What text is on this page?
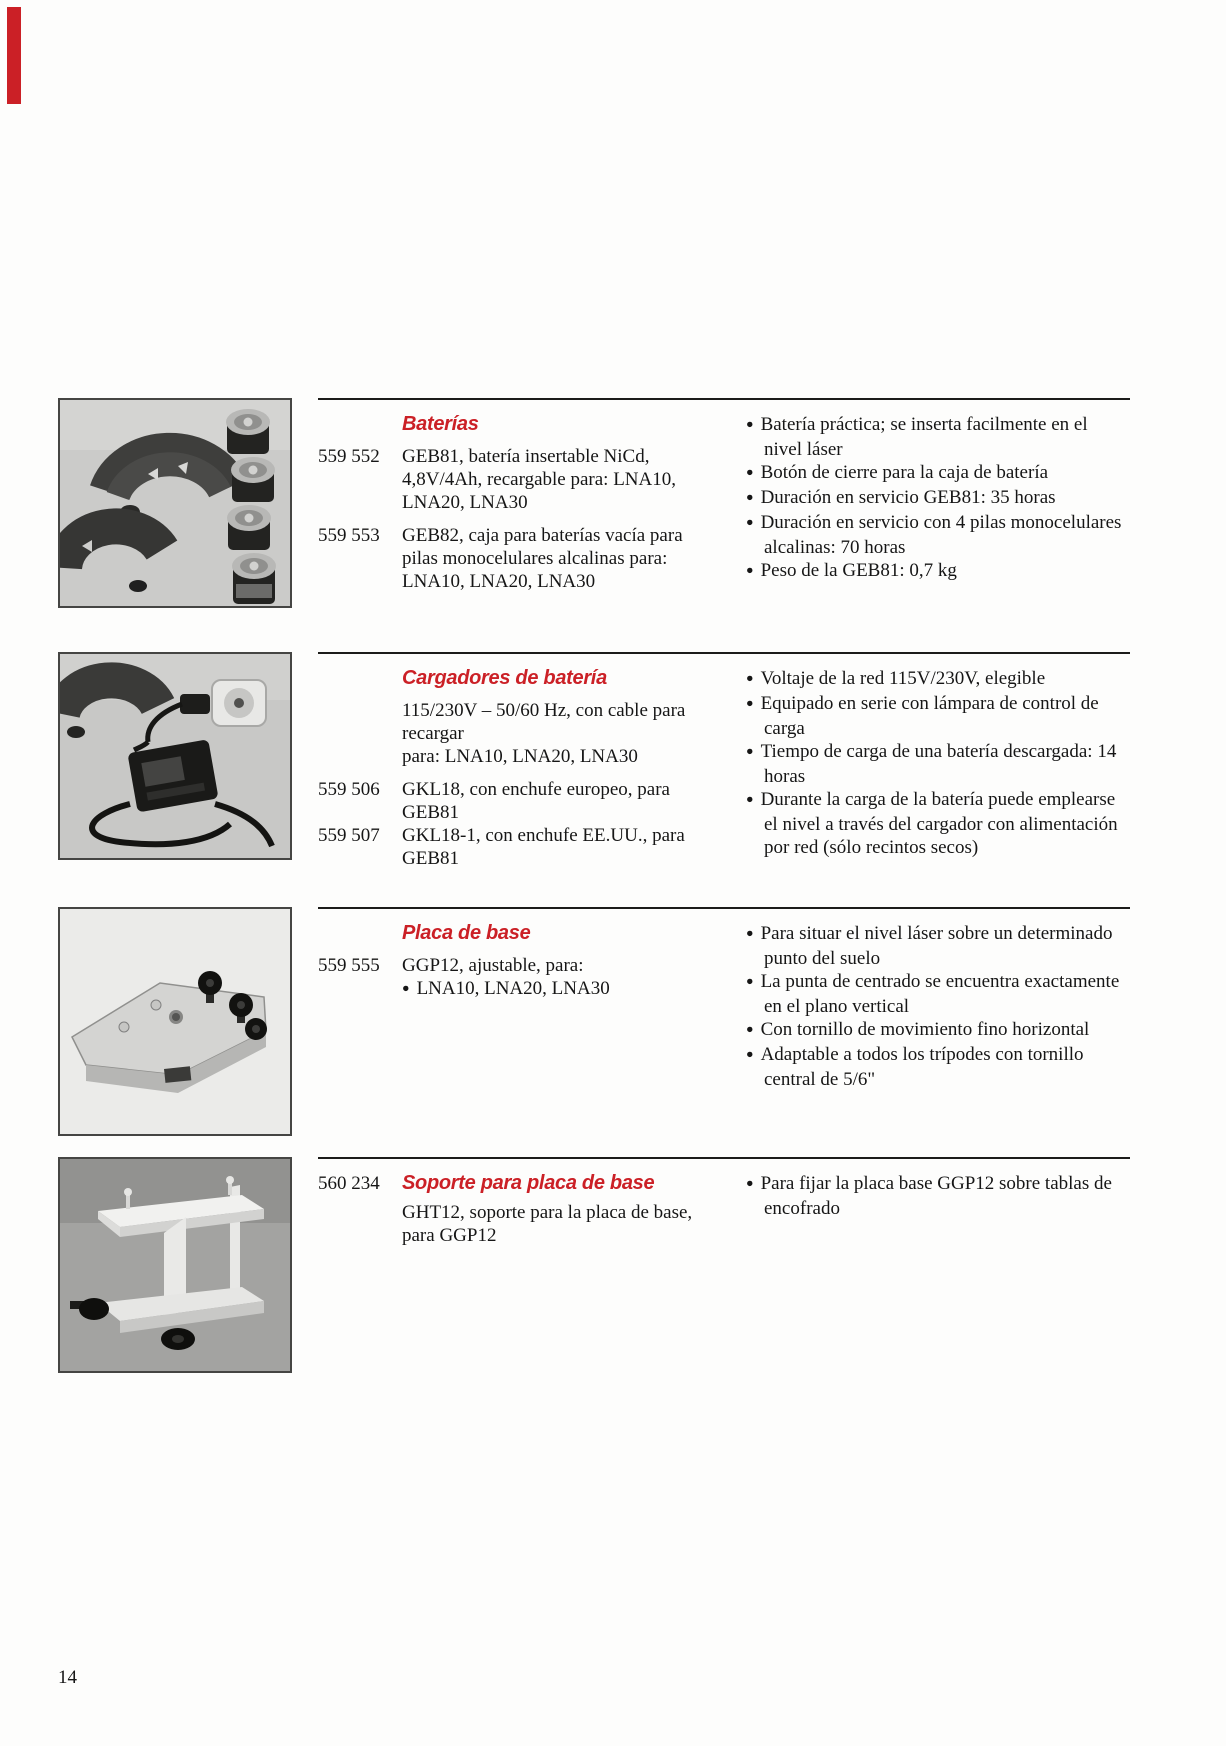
Baterías
559 552	GEB81, batería insertable NiCd, 4,8V/4Ah, recargable para: LNA10, LNA20, LNA30
559 553	GEB82, caja para baterías vacía para pilas monocelulares alcalinas para: LNA10, LNA20, LNA30
● Batería práctica; se inserta facilmente en el nivel láser
● Botón de cierre para la caja de batería
● Duración en servicio GEB81: 35 horas
● Duración en servicio con 4 pilas monocelulares alcalinas: 70 horas
● Peso de la GEB81: 0,7 kg
Cargadores de batería
115/230V – 50/60 Hz, con cable para recargar
para: LNA10, LNA20, LNA30
559 506	GKL18, con enchufe europeo, para GEB81
559 507	GKL18-1, con enchufe EE.UU., para GEB81
● Voltaje de la red 115V/230V, elegible
● Equipado en serie con lámpara de control de carga
● Tiempo de carga de una batería descargada: 14 horas
● Durante la carga de la batería puede emplearse el nivel a través del cargador con alimentación por red (sólo recintos secos)
Placa de base
559 555	GGP12, ajustable, para:
● LNA10, LNA20, LNA30
● Para situar el nivel láser sobre un determinado punto del suelo
● La punta de centrado se encuentra exactamente en el plano vertical
● Con tornillo de movimiento fino horizontal
● Adaptable a todos los trípodes con tornillo central de 5/6"
560 234	Soporte para placa de base
GHT12, soporte para la placa de base, para GGP12
● Para fijar la placa base GGP12 sobre tablas de encofrado
14
